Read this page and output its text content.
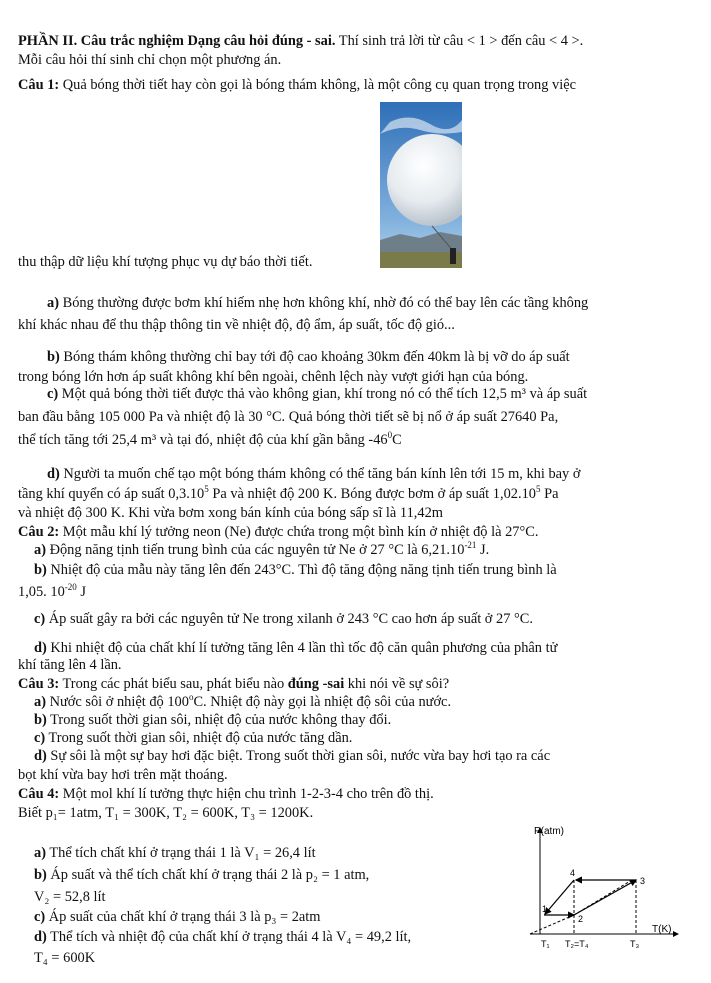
PHẦN II. Câu trắc nghiệm Dạng câu hỏi đúng - sai. Thí sinh trả lời từ câu < 1 > đến câu < 4 >.
Mỗi câu hỏi thí sinh chỉ chọn một phương án.
Câu 1: Quả bóng thời tiết hay còn gọi là bóng thám không, là một công cụ quan trọng trong việc
thu thập dữ liệu khí tượng phục vụ dự báo thời tiết.
a) Bóng thường được bơm khí hiếm nhẹ hơn không khí, nhờ đó có thể bay lên các tầng không
khí khác nhau để thu thập thông tin về nhiệt độ, độ ẩm, áp suất, tốc độ gió...
b) Bóng thám không thường chỉ bay tới độ cao khoảng 30km đến 40km là bị vỡ do áp suất
trong bóng lớn hơn áp suất không khí bên ngoài, chênh lệch này vượt giới hạn của bóng.
c) Một quả bóng thời tiết được thả vào không gian, khí trong nó có thể tích 12,5 m³ và áp suất
ban đầu bằng 105 000 Pa và nhiệt độ là 30 °C. Quả bóng thời tiết sẽ bị nổ ở áp suất 27640 Pa,
thể tích tăng tới 25,4 m³ và tại đó, nhiệt độ của khí gần bằng $-46^0C$
d) Người ta muốn chế tạo một bóng thám không có thể tăng bán kính lên tới 15 m, khi bay ở
tầng khí quyển có áp suất 0,3.10$^5$ Pa và nhiệt độ 200 K. Bóng được bơm ở áp suất 1,02.10$^5$ Pa
và nhiệt độ 300 K. Khi vừa bơm xong bán kính của bóng sấp sĩ là 11,42m
Câu 2: Một mẫu khí lý tưởng neon (Ne) được chứa trong một bình kín ở nhiệt độ là 27°C.
a) Động năng tịnh tiến trung bình của các nguyên tử Ne ở 27 °C là $6,21.10^{-21}$ J.
b) Nhiệt độ của mẫu này tăng lên đến 243°C. Thì độ tăng động năng tịnh tiến trung bình là
1,05. $10^{-20}$ J
c) Áp suất gây ra bởi các nguyên tử Ne trong xilanh ở 243 °C cao hơn áp suất ở 27 °C.
d) Khi nhiệt độ của chất khí lí tưởng tăng lên 4 lần thì tốc độ căn quân phương của phân tử
khí tăng lên 4 lần.
Câu 3: Trong các phát biểu sau, phát biểu nào đúng -sai khi nói về sự sôi?
a) Nước sôi ở nhiệt độ 100$^o$C. Nhiệt độ này gọi là nhiệt độ sôi của nước.
b) Trong suốt thời gian sôi, nhiệt độ của nước không thay đổi.
c) Trong suốt thời gian sôi, nhiệt độ của nước tăng dần.
d) Sự sôi là một sự bay hơi đặc biệt. Trong suốt thời gian sôi, nước vừa bay hơi tạo ra các
bọt khí vừa bay hơi trên mặt thoáng.
Câu 4: Một mol khí lí tưởng thực hiện chu trình 1-2-3-4 cho trên đồ thị.
Biết p₁= 1atm, T₁ = 300K, T₂ = 600K, T₃ = 1200K.
a) Thể tích chất khí ở trạng thái 1 là V₁ = 26,4 lít
b) Áp suất và thể tích chất khí ở trạng thái 2 là p₂ = 1 atm,
V₂ = 52,8 lít
c) Áp suất của chất khí ở trạng thái 3 là p₃ = 2atm
d) Thể tích và nhiệt độ của chất khí ở trạng thái 4 là V₄ = 49,2 lít,
T₄ = 600K
P(atm)
T(K)
1
2
3
4
T₁ T₂=T₄	T₃
